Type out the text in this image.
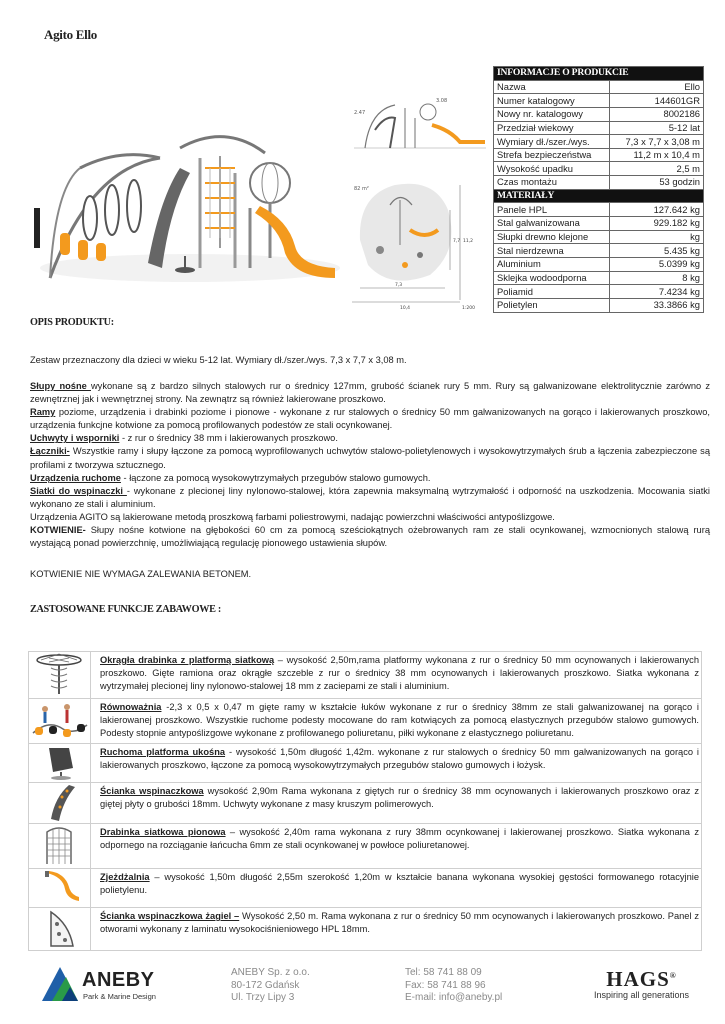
Agito Ello
2.47
3.08
82 m²
7,7 11,2
7,3
10,4	1:200
INFORMACJE O PRODUKCIE	
Nazwa	Ello
Numer katalogowy	144601GR
Nowy nr. katalogowy	8002186
Przedział wiekowy	5-12 lat
Wymiary dł./szer./wys.	7,3 x 7,7 x 3,08 m
Strefa bezpieczeństwa	11,2 m x 10,4 m
Wysokość upadku	2,5 m
Czas montażu	53 godzin
MATERIAŁY	
Panele HPL	127.642 kg
Stal galwanizowana	929.182 kg
Słupki drewno klejone	kg
Stal nierdzewna	5.435 kg
Aluminium	5.0399 kg
Sklejka wodoodporna	8 kg
Poliamid	7.4234 kg
Polietylen	33.3866 kg
OPIS PRODUKTU:
Zestaw przeznaczony dla dzieci w wieku 5-12 lat. Wymiary dł./szer./wys. 7,3 x 7,7 x 3,08 m.

Słupy nośne wykonane są z bardzo silnych stalowych rur o średnicy 127mm, grubość ścianek rury 5 mm. Rury są galwanizowane elektrolitycznie zarówno z zewnętrznej jak i wewnętrznej strony. Na zewnątrz są również lakierowane proszkowo.

Ramy poziome, urządzenia i drabinki poziome i pionowe - wykonane z rur stalowych o średnicy 50 mm galwanizowanych na gorąco i lakierowanych proszkowo, urządzenia funkcjne kotwione za pomocą profilowanych podestów ze stali ocynkowanej.

Uchwyty i wsporniki - z rur o średnicy 38 mm i lakierowanych proszkowo.

Łączniki- Wszystkie ramy i słupy łączone za pomocą wyprofilowanych uchwytów stalowo-polietylenowych i wysokowytrzymałych śrub a łączenia zabezpieczone są profilami z tworzywa sztucznego.

Urządzenia ruchome - łączone za pomocą wysokowytrzymałych przegubów stalowo gumowych.

Siatki do wspinaczki - wykonane z plecionej liny nylonowo-stalowej, która zapewnia maksymalną wytrzymałość i odporność na uszkodzenia. Mocowania siatki wykonano ze stali i aluminium.

Urządzenia AGITO są lakierowane metodą proszkową farbami poliestrowymi, nadając powierzchni właściwości antypoślizgowe.

KOTWIENIE- Słupy nośne kotwione na głębokości 60 cm za pomocą sześciokątnych ożebrowanych ram ze stali ocynkowanej, wzmocnionych stalową rurą wystającą ponad powierzchnię, umożliwiającą regulację pionowego ustawienia słupów.

KOTWIENIE NIE WYMAGA ZALEWANIA BETONEM.
ZASTOSOWANE FUNKCJE ZABAWOWE :
	Okrągła drabinka z platformą siatkową – wysokość 2,50m,rama platformy wykonana z rur o średnicy 50 mm ocynowanych i lakierowanych proszkowo. Gięte ramiona oraz okrągłe szczeble z rur o średnicy 38 mm ocynowanych i lakierowanych proszkowo. Siatka wykonana z wytrzymałej plecionej liny nylonowo-stalowej 18 mm z zaciepami ze stali i aluminium.
	Równoważnia -2,3 x 0,5 x 0,47 m gięte ramy w kształcie łuków wykonane z rur o średnicy 38mm ze stali galwanizowanej na gorąco i lakierowanej proszkowo. Wszystkie ruchome podesty mocowane do ram kotwiących za pomocą elastycznych przegubów stalowo gumowych. Podesty stopnie antypoślizgowe wykonane z profilowanego poliuretanu, piłki wykonane z elastycznego poliuretanu.
	Ruchoma platforma ukośna - wysokość 1,50m długość 1,42m. wykonane z rur stalowych o średnicy 50 mm galwanizowanych na gorąco i lakierowanych proszkowo, łączone za pomocą wysokowytrzymałych przegubów stalowo gumowych i łożysk.
	Ścianka wspinaczkowa wysokość 2,90m Rama wykonana z giętych rur o średnicy 38 mm ocynowanych i lakierowanych proszkowo oraz z giętej płyty o grubości 18mm. Uchwyty wykonane z masy kruszym polimerowych.
	Drabinka siatkowa pionowa – wysokość 2,40m rama wykonana z rury 38mm ocynkowanej i lakierowanej proszkowo. Siatka wykonana z odpornego na rozciąganie łańcucha 6mm ze stali ocynkowanej w powłoce poliuretanowej.
	Zjeżdżalnia – wysokość 1,50m długość 2,55m szerokość 1,20m w kształcie banana wykonana wysokiej gęstości formowanego rotacyjnie polietylenu.
	Ścianka wspinaczkowa żagiel – Wysokość 2,50 m. Rama wykonana z rur o średnicy 50 mm ocynowanych i lakierowanych proszkowo. Panel z otworami wykonany z laminatu wysokociśnieniowego HPL 18mm.
ANEBY
Park & Marine Design
ANEBY Sp. z o.o.
80-172 Gdańsk
Ul. Trzy Lipy 3
Tel: 58 741 88 09
Fax: 58 741 88 96
E-mail: info@aneby.pl
HAGS®
Inspiring all generations
